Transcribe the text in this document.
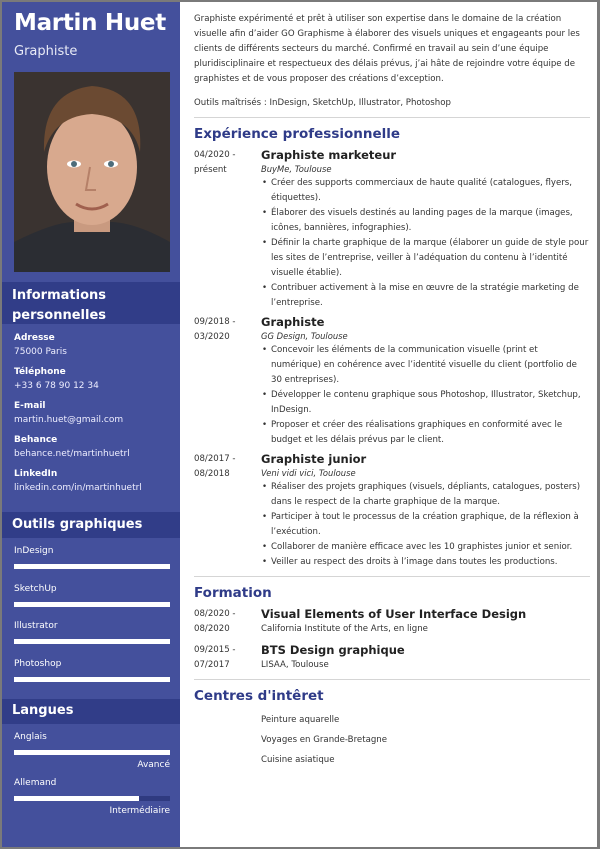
Martin Huet
Graphiste
Informations personnelles
Adresse
75000 Paris
Téléphone
+33 6 78 90 12 34
E-mail
martin.huet@gmail.com
Behance
behance.net/martinhuetrl
LinkedIn
linkedin.com/in/martinhuetrl
Outils graphiques
InDesign
SketchUp
Illustrator
Photoshop
Langues
Anglais
Avancé
Allemand
Intermédiaire
Graphiste expérimenté et prêt à utiliser son expertise dans le domaine de la création visuelle afin d’aider GO Graphisme à élaborer des visuels uniques et engageants pour les clients de différents secteurs du marché. Confirmé en travail au sein d’une équipe pluridisciplinaire et respectueux des délais prévus, j’ai hâte de rejoindre votre équipe de graphistes et de vous proposer des créations d’exception.
Outils maîtrisés : InDesign, SketchUp, Illustrator, Photoshop
Expérience professionnelle
04/2020 -
présent
Graphiste marketeur
BuyMe, Toulouse
• Créer des supports commerciaux de haute qualité (catalogues, flyers, étiquettes).
• Élaborer des visuels destinés au landing pages de la marque (images, icônes, bannières, infographies).
• Définir la charte graphique de la marque (élaborer un guide de style pour les sites de l’entreprise, veiller à l’adéquation du contenu à l’identité visuelle établie).
• Contribuer activement à la mise en œuvre de la stratégie marketing de l’entreprise.
09/2018 -
03/2020
Graphiste
GG Design, Toulouse
• Concevoir les éléments de la communication visuelle (print et numérique) en cohérence avec l’identité visuelle du client (portfolio de 30 entreprises).
• Développer le contenu graphique sous Photoshop, Illustrator, Sketchup, InDesign.
• Proposer et créer des réalisations graphiques en conformité avec le budget et les délais prévus par le client.
08/2017 -
08/2018
Graphiste junior
Veni vidi vici, Toulouse
• Réaliser des projets graphiques (visuels, dépliants, catalogues, posters) dans le respect de la charte graphique de la marque.
• Participer à tout le processus de la création graphique, de la réflexion à l’exécution.
• Collaborer de manière efficace avec les 10 graphistes junior et senior.
• Veiller au respect des droits à l’image dans toutes les productions.
Formation
08/2020 -
08/2020
Visual Elements of User Interface Design
California Institute of the Arts, en ligne
09/2015 -
07/2017
BTS Design graphique
LISAA, Toulouse
Centres d'intêret
Peinture aquarelle
Voyages en Grande-Bretagne
Cuisine asiatique
